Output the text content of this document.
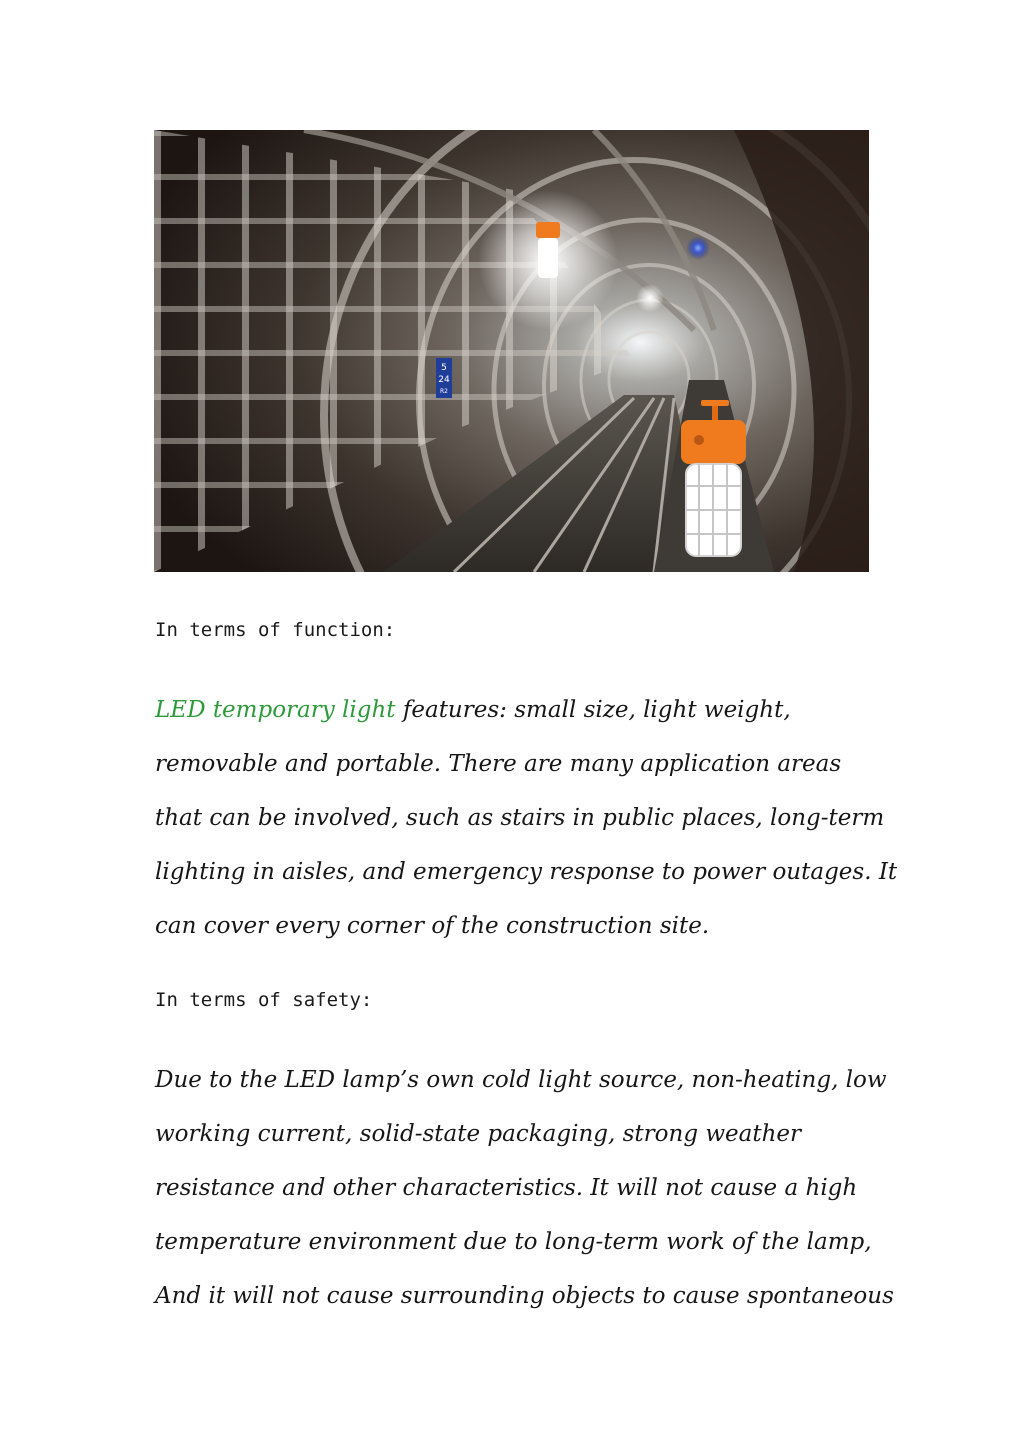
5
24
R2
In terms of function:

LED temporary light features: small size, light weight,
removable and portable. There are many application areas
that can be involved, such as stairs in public places, long-term
lighting in aisles, and emergency response to power outages. It
can cover every corner of the construction site.

In terms of safety:

Due to the LED lamp’s own cold light source, non-heating, low
working current, solid-state packaging, strong weather
resistance and other characteristics. It will not cause a high
temperature environment due to long-term work of the lamp,
And it will not cause surrounding objects to cause spontaneous
